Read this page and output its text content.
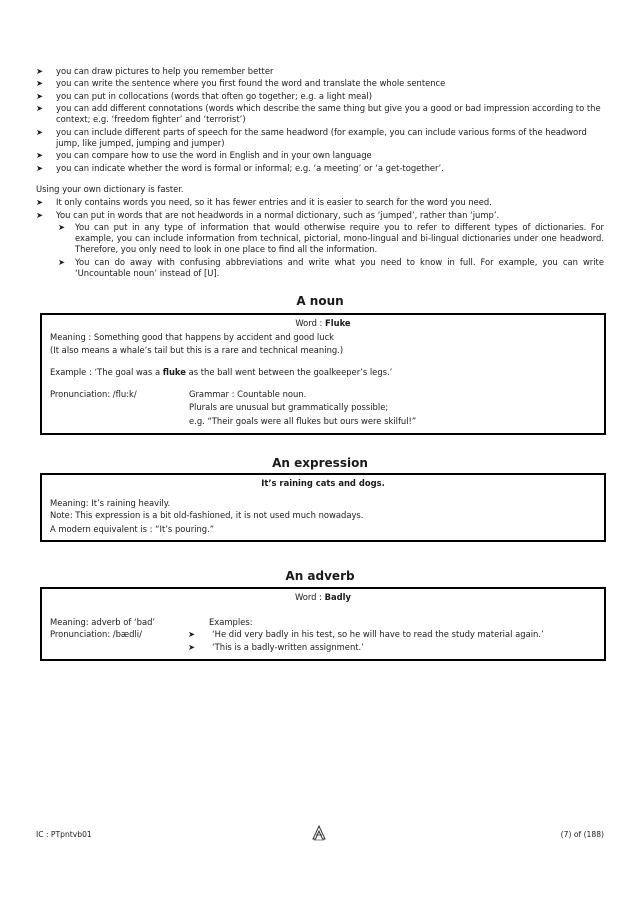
➤	you can draw pictures to help you remember better
➤	you can write the sentence where you first found the word and translate the whole sentence
➤	you can put in collocations (words that often go together; e.g. a light meal)
➤	you can add different connotations (words which describe the same thing but give you a good or bad impression according to the context; e.g. ‘freedom fighter’ and ‘terrorist’)
➤	you can include different parts of speech for the same headword (for example, you can include various forms of the headword jump, like jumped, jumping and jumper)
➤	you can compare how to use the word in English and in your own language
➤	you can indicate whether the word is formal or informal; e.g. ‘a meeting’ or ‘a get-together’.
Using your own dictionary is faster.
➤	It only contains words you need, so it has fewer entries and it is easier to search for the word you need.
➤	You can put in words that are not headwords in a normal dictionary, such as ‘jumped’, rather than ‘jump’.
➤	You can put in any type of information that would otherwise require you to refer to different types of dictionaries. For example, you can include information from technical, pictorial, mono-lingual and bi-lingual dictionaries under one headword. Therefore, you only need to look in one place to find all the information.
➤	You can do away with confusing abbreviations and write what you need to know in full. For example, you can write ‘Uncountable noun’ instead of [U].
A noun
Word : Fluke

Meaning : Something good that happens by accident and good luck

(It also means a whale’s tail but this is a rare and technical meaning.)

Example : ‘The goal was a fluke as the ball went between the goalkeeper’s legs.’

Pronunciation: /flu:k/	Grammar : Countable noun.

Plurals are unusual but grammatically possible;

e.g. “Their goals were all flukes but ours were skilful!”

An expression
It’s raining cats and dogs.

Meaning: It’s raining heavily.

Note: This expression is a bit old-fashioned, it is not used much nowadays.

A modern equivalent is : “It’s pouring.”

An adverb
Word : Badly

Meaning: adverb of ‘bad’

Pronunciation: /bædli/

Examples:

➤	‘He did very badly in his test, so he will have to read the study material again.’
➤	‘This is a badly-written assignment.’
IC : PTpntvb01	(7) of (188)
